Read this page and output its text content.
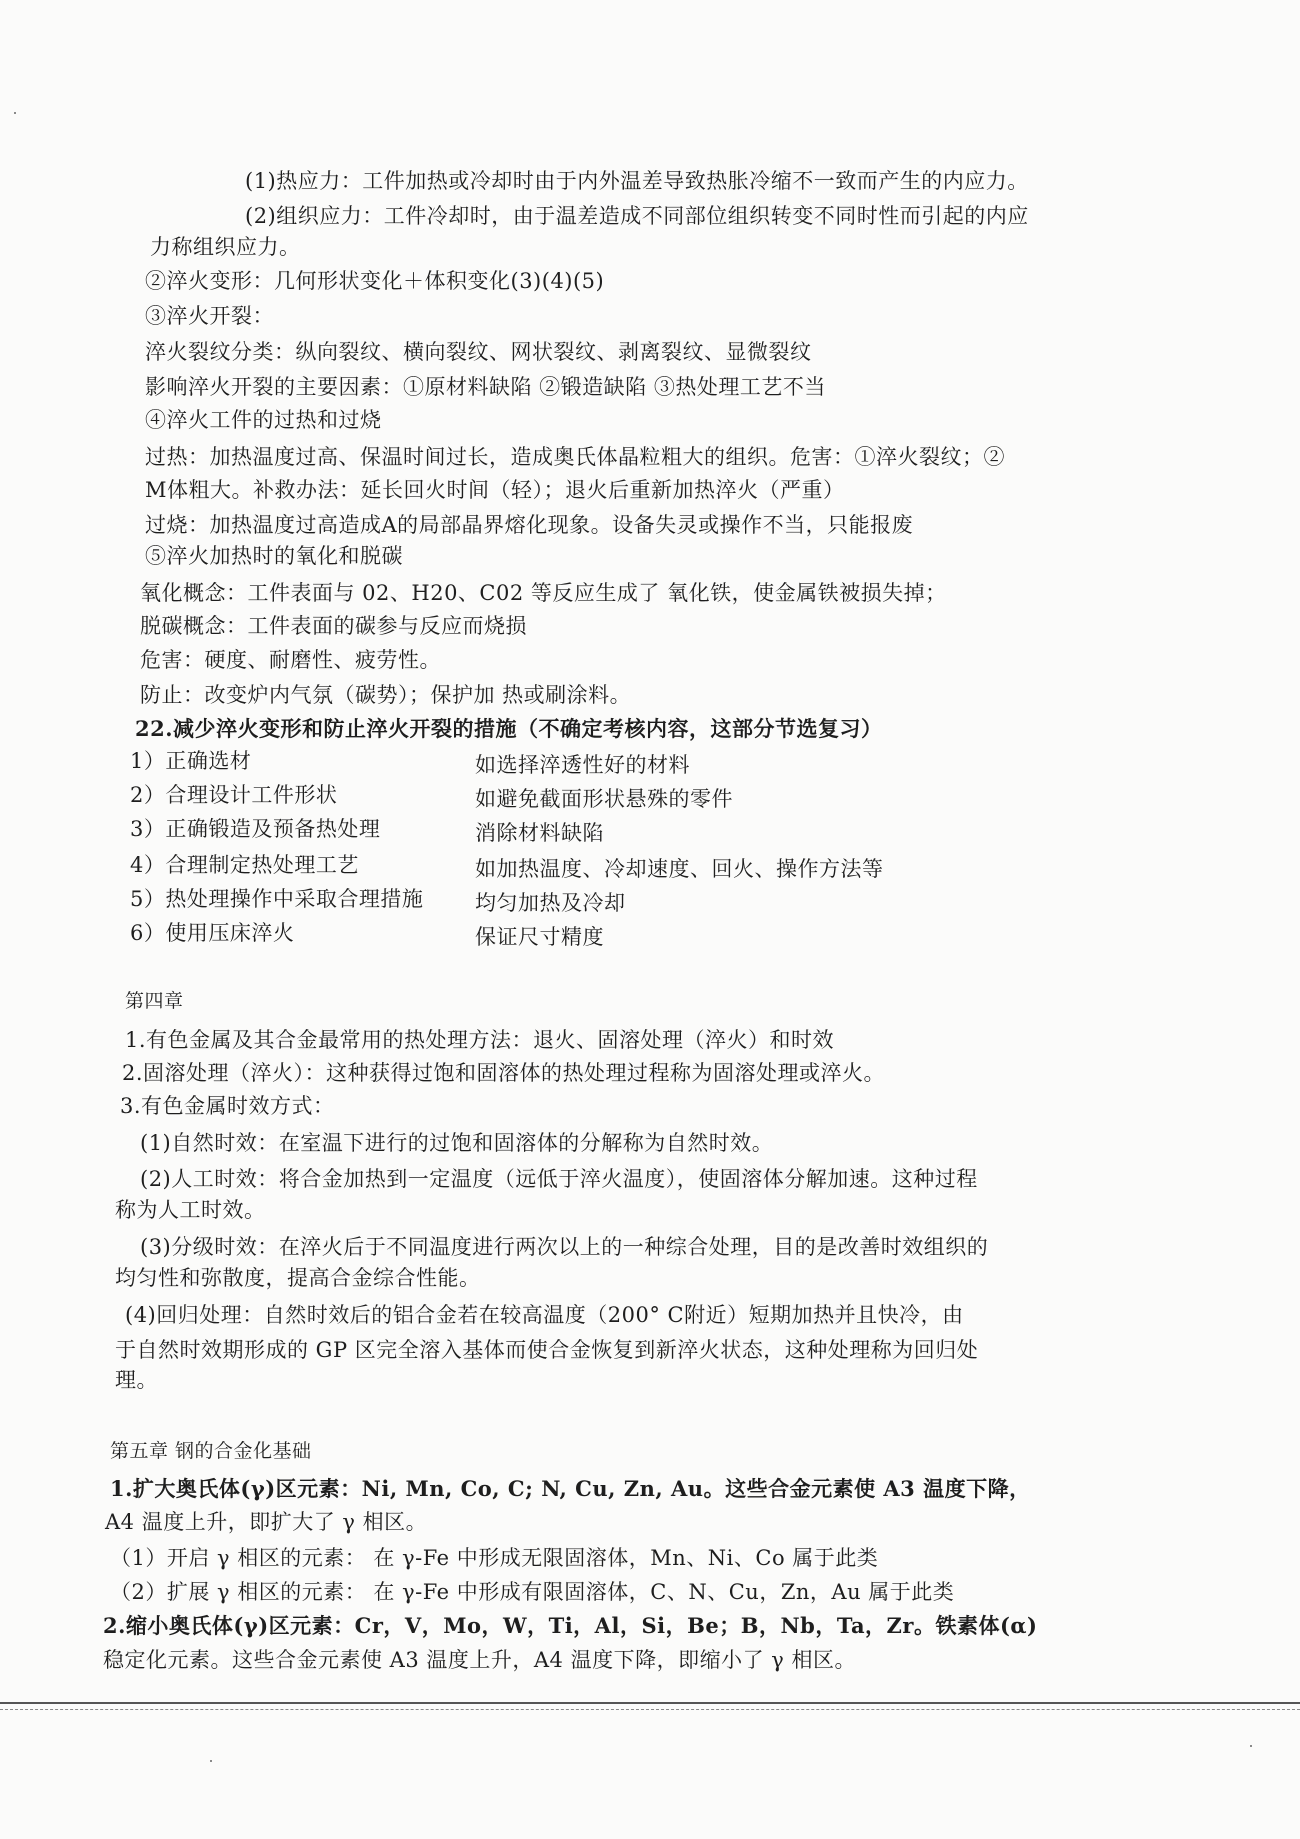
(1)热应力：工件加热或冷却时由于内外温差导致热胀冷缩不一致而产生的内应力。
(2)组织应力：工件冷却时，由于温差造成不同部位组织转变不同时性而引起的内应
力称组织应力。
②淬火变形：几何形状变化＋体积变化(3)(4)(5)
③淬火开裂：
淬火裂纹分类：纵向裂纹、横向裂纹、网状裂纹、剥离裂纹、显微裂纹
影响淬火开裂的主要因素：①原材料缺陷 ②锻造缺陷 ③热处理工艺不当
④淬火工件的过热和过烧
过热：加热温度过高、保温时间过长，造成奥氏体晶粒粗大的组织。危害：①淬火裂纹；②
M体粗大。补救办法：延长回火时间（轻）；退火后重新加热淬火（严重）
过烧：加热温度过高造成A的局部晶界熔化现象。设备失灵或操作不当，只能报废
⑤淬火加热时的氧化和脱碳
氧化概念：工件表面与 02、H20、C02 等反应生成了 氧化铁，使金属铁被损失掉；
脱碳概念：工件表面的碳参与反应而烧损
危害：硬度、耐磨性、疲劳性。
防止：改变炉内气氛（碳势）；保护加 热或刷涂料。
22.减少淬火变形和防止淬火开裂的措施（不确定考核内容，这部分节选复习）
1）正确选材	如选择淬透性好的材料
2）合理设计工件形状	如避免截面形状悬殊的零件
3）正确锻造及预备热处理	消除材料缺陷
4）合理制定热处理工艺	如加热温度、冷却速度、回火、操作方法等
5）热处理操作中采取合理措施 均匀加热及冷却
6）使用压床淬火	保证尺寸精度
第四章
1.有色金属及其合金最常用的热处理方法：退火、固溶处理（淬火）和时效
2.固溶处理（淬火）：这种获得过饱和固溶体的热处理过程称为固溶处理或淬火。
3.有色金属时效方式：
(1)自然时效：在室温下进行的过饱和固溶体的分解称为自然时效。
(2)人工时效：将合金加热到一定温度（远低于淬火温度），使固溶体分解加速。这种过程
称为人工时效。
(3)分级时效：在淬火后于不同温度进行两次以上的一种综合处理，目的是改善时效组织的
均匀性和弥散度，提高合金综合性能。
(4)回归处理：自然时效后的铝合金若在较高温度（200° C附近）短期加热并且快冷，由
于自然时效期形成的 GP 区完全溶入基体而使合金恢复到新淬火状态，这种处理称为回归处
理。
第五章 钢的合金化基础
1.扩大奥氏体(γ)区元素：Ni, Mn, Co, C; N, Cu, Zn, Au。这些合金元素使 A3 温度下降，
A4 温度上升，即扩大了 γ 相区。
（1）开启 γ 相区的元素： 在 γ-Fe 中形成无限固溶体，Mn、Ni、Co 属于此类
（2）扩展 γ 相区的元素： 在 γ-Fe 中形成有限固溶体，C、N、Cu，Zn，Au 属于此类
2.缩小奥氏体(γ)区元素：Cr，V，Mo，W，Ti，Al，Si，Be；B，Nb，Ta，Zr。铁素体(α)
稳定化元素。这些合金元素使 A3 温度上升，A4 温度下降，即缩小了 γ 相区。
